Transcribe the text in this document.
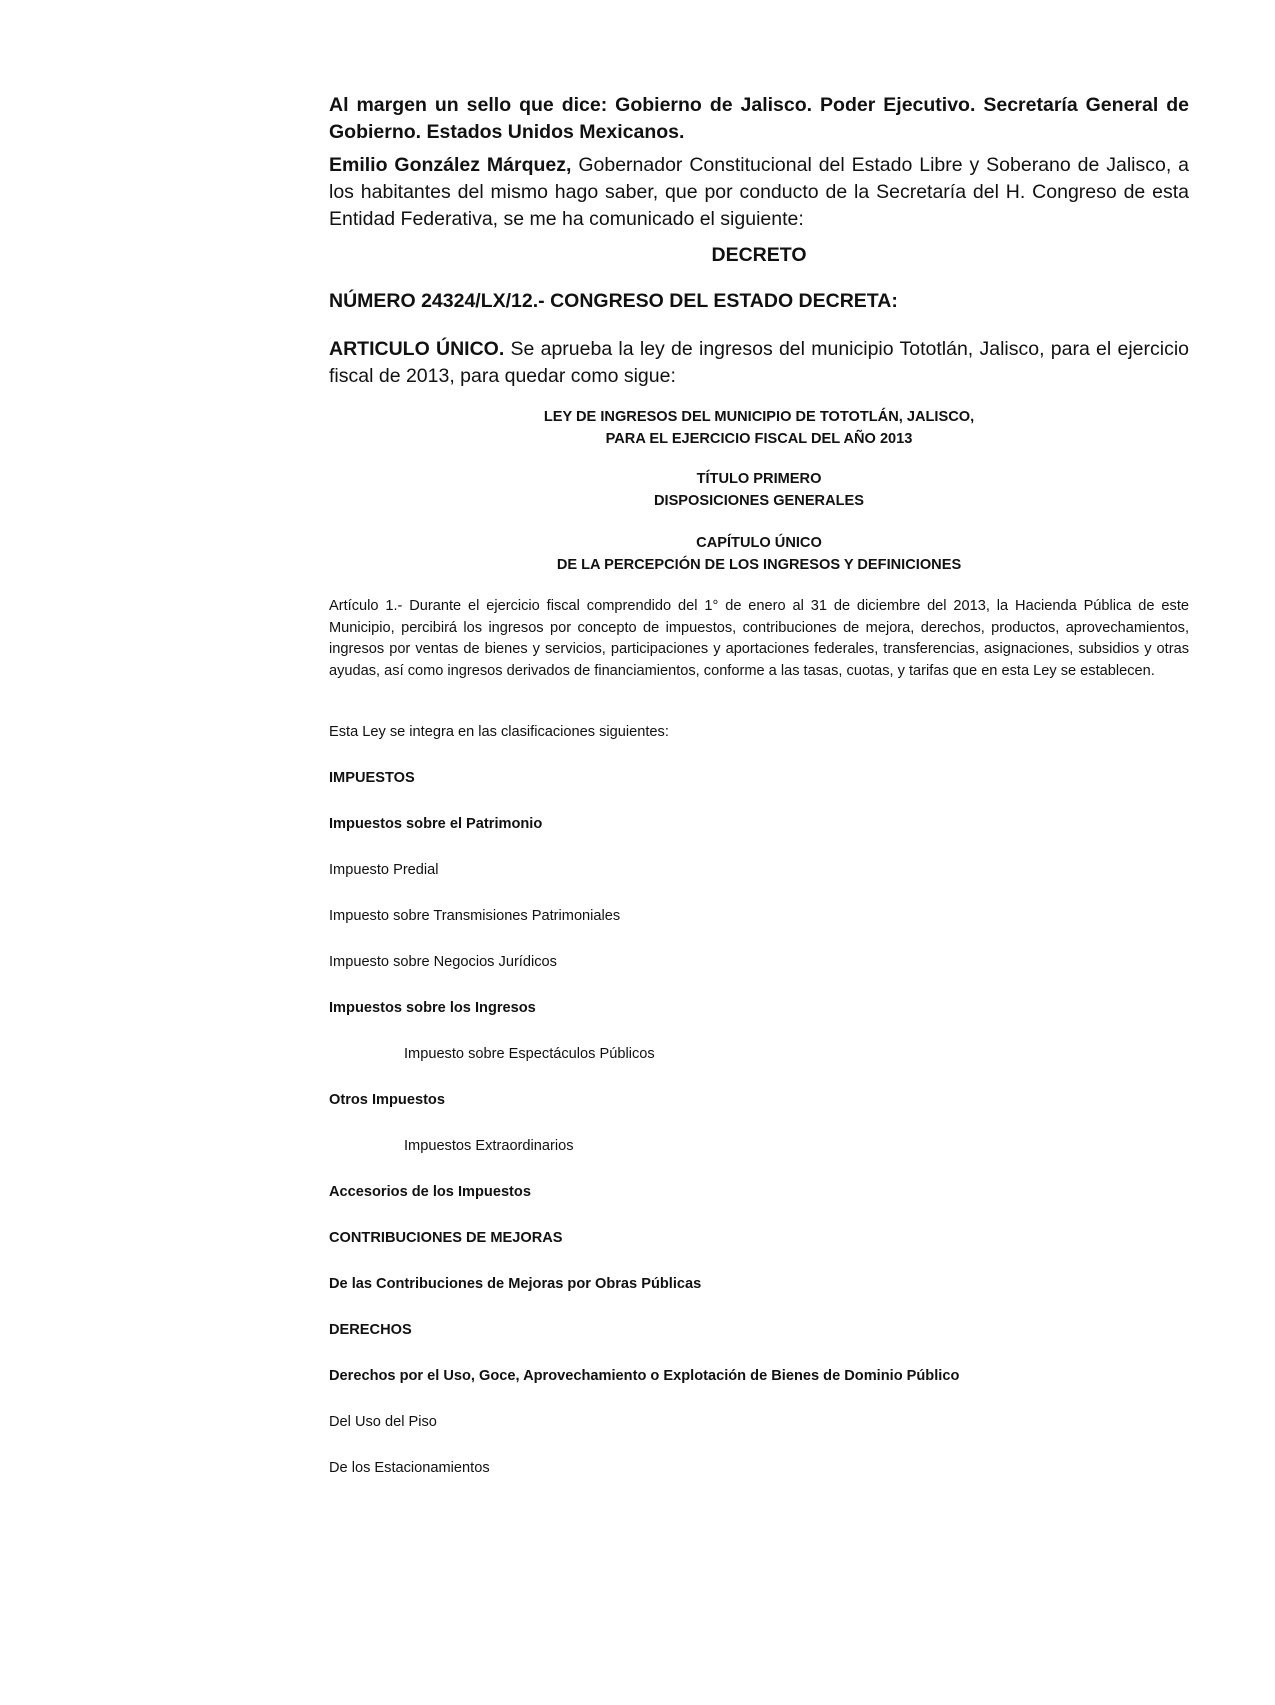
Al margen un sello que dice: Gobierno de Jalisco. Poder Ejecutivo. Secretaría General de Gobierno. Estados Unidos Mexicanos.

Emilio González Márquez, Gobernador Constitucional del Estado Libre y Soberano de Jalisco, a los habitantes del mismo hago saber, que por conducto de la Secretaría del H. Congreso de esta Entidad Federativa, se me ha comunicado el siguiente:

DECRETO

NÚMERO 24324/LX/12.- CONGRESO DEL ESTADO DECRETA:

ARTICULO ÚNICO. Se aprueba la ley de ingresos del municipio Tototlán, Jalisco, para el ejercicio fiscal de 2013, para quedar como sigue:

LEY DE INGRESOS DEL MUNICIPIO DE TOTOTLÁN, JALISCO,

PARA EL EJERCICIO FISCAL DEL AÑO 2013

TÍTULO PRIMERO

DISPOSICIONES GENERALES

CAPÍTULO ÚNICO

DE LA PERCEPCIÓN DE LOS INGRESOS Y DEFINICIONES

Artículo 1.- Durante el ejercicio fiscal comprendido del 1° de enero al 31 de diciembre del 2013, la Hacienda Pública de este Municipio, percibirá los ingresos por concepto de impuestos, contribuciones de mejora, derechos, productos, aprovechamientos, ingresos por ventas de bienes y servicios, participaciones y aportaciones federales, transferencias, asignaciones, subsidios y otras ayudas, así como ingresos derivados de financiamientos, conforme a las tasas, cuotas, y tarifas que en esta Ley se establecen.

Esta Ley se integra en las clasificaciones siguientes:

IMPUESTOS
Impuestos sobre el Patrimonio
Impuesto Predial
Impuesto sobre Transmisiones Patrimoniales
Impuesto sobre Negocios Jurídicos
Impuestos sobre los Ingresos
Impuesto sobre Espectáculos Públicos
Otros Impuestos
Impuestos Extraordinarios
Accesorios de los Impuestos
CONTRIBUCIONES DE MEJORAS
De las Contribuciones de Mejoras por Obras Públicas
DERECHOS
Derechos por el Uso, Goce, Aprovechamiento o Explotación de Bienes de Dominio Público
Del Uso del Piso
De los Estacionamientos
